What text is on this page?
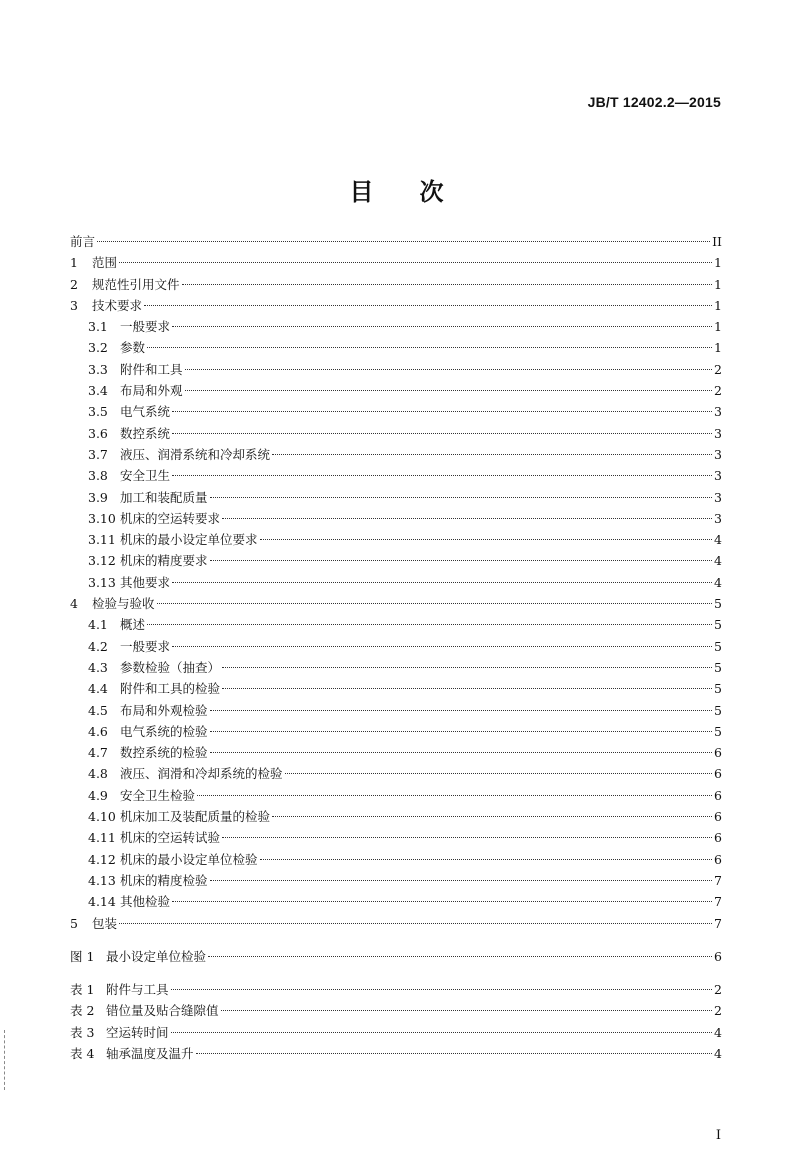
JB/T 12402.2—2015
目次
前言	II
1	范围	1
2	规范性引用文件	1
3	技术要求	1
3.1 一般要求	1
3.2 参数	1
3.3 附件和工具	2
3.4 布局和外观	2
3.5 电气系统	3
3.6 数控系统	3
3.7 液压、润滑系统和冷却系统	3
3.8 安全卫生	3
3.9 加工和装配质量	3
3.10 机床的空运转要求	3
3.11 机床的最小设定单位要求	4
3.12 机床的精度要求	4
3.13 其他要求	4
4	检验与验收	5
4.1 概述	5
4.2 一般要求	5
4.3 参数检验（抽查）	5
4.4 附件和工具的检验	5
4.5 布局和外观检验	5
4.6 电气系统的检验	5
4.7 数控系统的检验	6
4.8 液压、润滑和冷却系统的检验	6
4.9 安全卫生检验	6
4.10 机床加工及装配质量的检验	6
4.11 机床的空运转试验	6
4.12 机床的最小设定单位检验	6
4.13 机床的精度检验	7
4.14 其他检验	7
5	包装	7
图 1 最小设定单位检验	6
表 1 附件与工具	2
表 2 错位量及贴合缝隙值	2
表 3 空运转时间	4
表 4 轴承温度及温升	4
I
